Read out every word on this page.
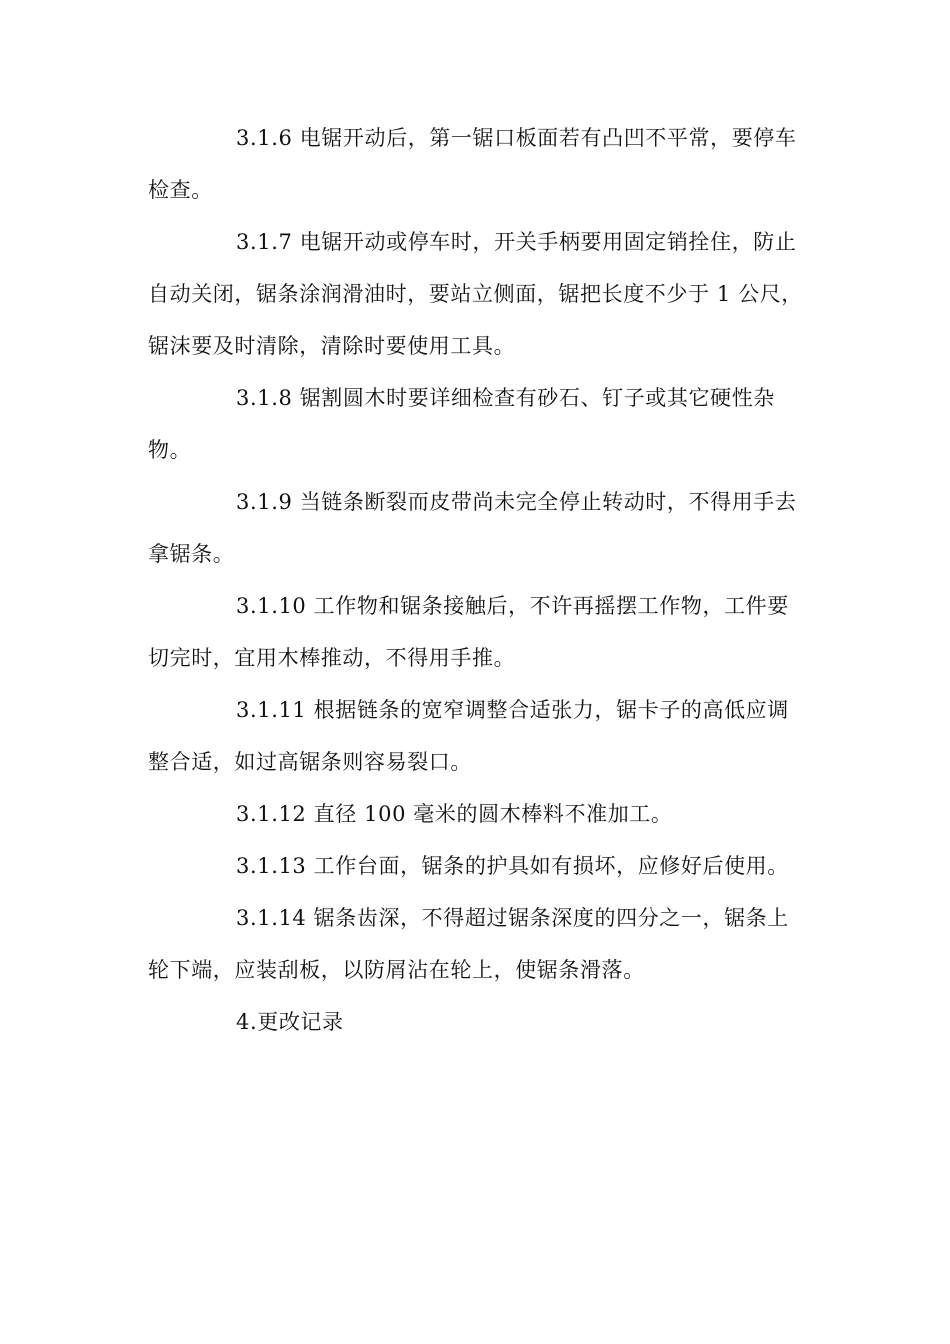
3.1.6 电锯开动后，第一锯口板面若有凸凹不平常，要停车检查。

3.1.7 电锯开动或停车时，开关手柄要用固定销拴住，防止自动关闭，锯条涂润滑油时，要站立侧面，锯把长度不少于 1 公尺，锯沫要及时清除，清除时要使用工具。

3.1.8 锯割圆木时要详细检查有砂石、钉子或其它硬性杂物。

3.1.9 当链条断裂而皮带尚未完全停止转动时，不得用手去拿锯条。

3.1.10 工作物和锯条接触后，不许再摇摆工作物，工件要切完时，宜用木棒推动，不得用手推。

3.1.11 根据链条的宽窄调整合适张力，锯卡子的高低应调整合适，如过高锯条则容易裂口。

3.1.12 直径 100 毫米的圆木棒料不准加工。

3.1.13 工作台面，锯条的护具如有损坏，应修好后使用。

3.1.14 锯条齿深，不得超过锯条深度的四分之一，锯条上轮下端，应装刮板，以防屑沾在轮上，使锯条滑落。

4.更改记录
